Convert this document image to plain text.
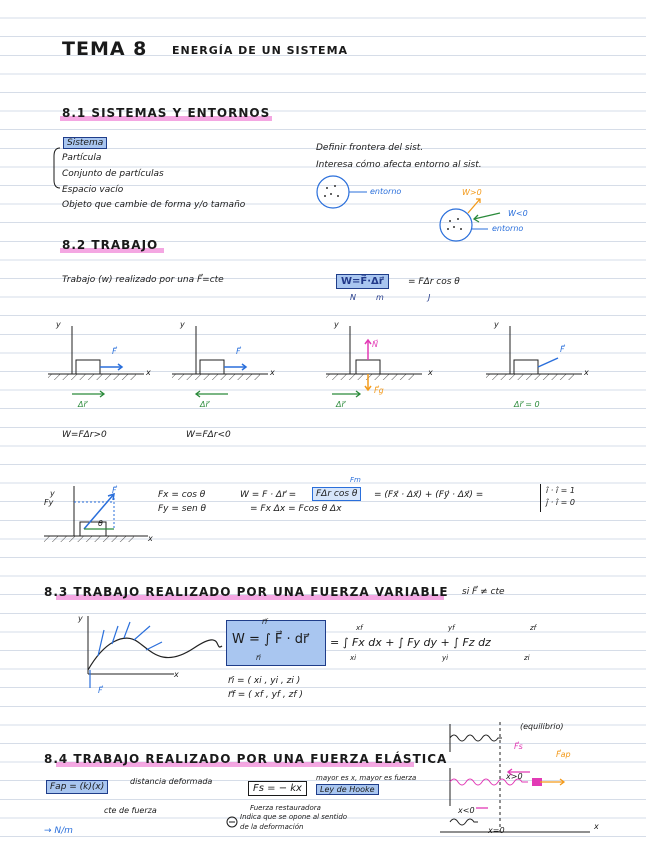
TEMA 8 ENERGÍA DE UN SISTEMA
8.1 SISTEMAS Y ENTORNOS
Sistema
Partícula
Conjunto de partículas
Espacio vacío
Objeto que cambie de forma y/o tamaño
Definir frontera del sist.
Interesa cómo afecta entorno al sist.
entorno	W>0
W<0
entorno
8.2 TRABAJO
Trabajo (w) realizado por una F⃗=cte	W=F⃗·Δr⃗	= FΔr cos θ
N	m	J
y
x
F⃗
y
x
F⃗
y
x
N⃗
F⃗g
y
x
F⃗
Δr⃗	Δr⃗	Δr⃗	Δr⃗ = 0
W=FΔr>0	W=FΔr<0
y
Fy
F⃗
θ
x
Fx = cos θ
Fy = sen θ
W = F · Δr⃗ =
Fm
FΔr cos θ	= (Fx⃗ · Δx⃗) + (Fy⃗ · Δx⃗) =
= Fx Δx = Fcos θ Δx
î · î = 1
ĵ · î = 0
8.3 TRABAJO REALIZADO POR UNA FUERZA VARIABLE si F⃗ ≠ cte
y
x
F⃗
W = ∫ F⃗ · dr⃗
r⃗f
r⃗i
= ∫ Fx dx + ∫ Fy dy + ∫ Fz dz
xf
xi
yf
yi
zf
zi
r⃗i = ( xi , yi , zi )
r⃗f = ( xf , yf , zf )
8.4 TRABAJO REALIZADO POR UNA FUERZA ELÁSTICA
Fap = (k)(x)
distancia deformada
cte de fuerza
→ N/m
Fs = − kx
mayor es x, mayor es fuerza
Ley de Hooke
Fuerza restauradora
Indica que se opone al sentido
de la deformación
(equilibrio)
F⃗s
F⃗ap
x>0
x<0
x=0	x
